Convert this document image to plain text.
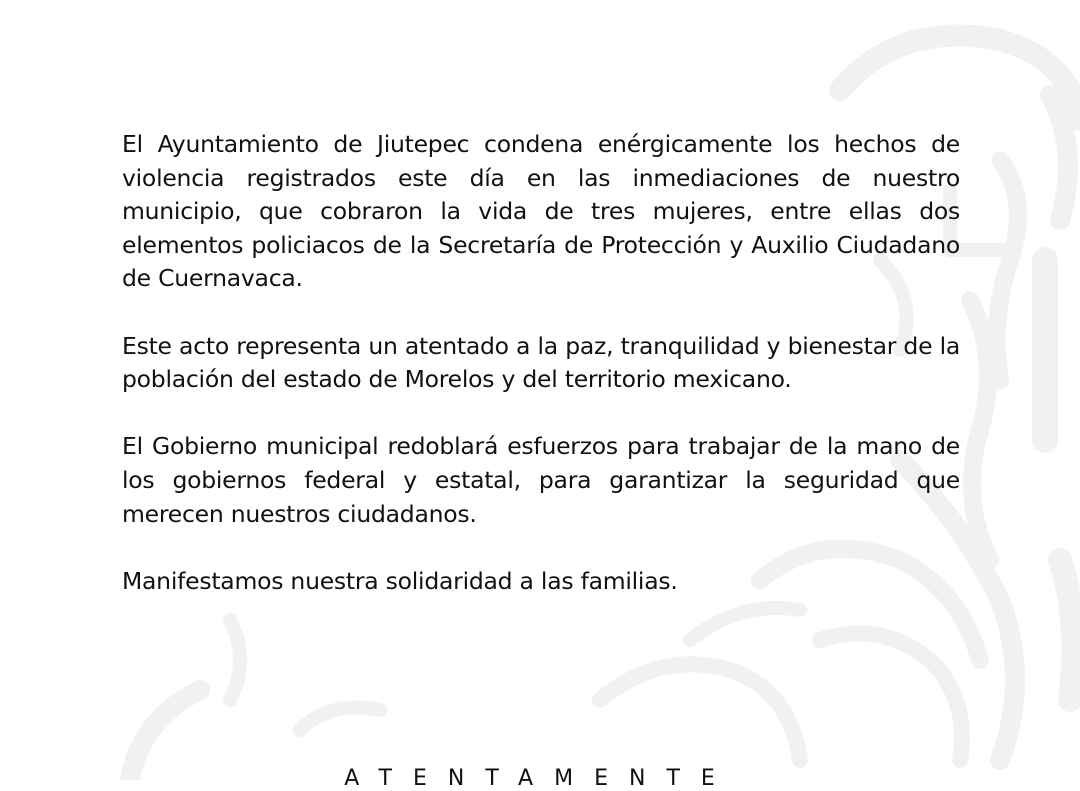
El Ayuntamiento de Jiutepec condena enérgicamente los hechos de violencia registrados este día en las inmediaciones de nuestro municipio, que cobraron la vida de tres mujeres, entre ellas dos elementos policiacos de la Secretaría de Protección y Auxilio Ciudadano de Cuernavaca.

Este acto representa un atentado a la paz, tranquilidad y bienestar de la población del estado de Morelos y del territorio mexicano.

El Gobierno municipal redoblará esfuerzos para trabajar de la mano de los gobiernos federal y estatal, para garantizar la seguridad que merecen nuestros ciudadanos.

Manifestamos nuestra solidaridad a las familias.

ATENTAMENTE
